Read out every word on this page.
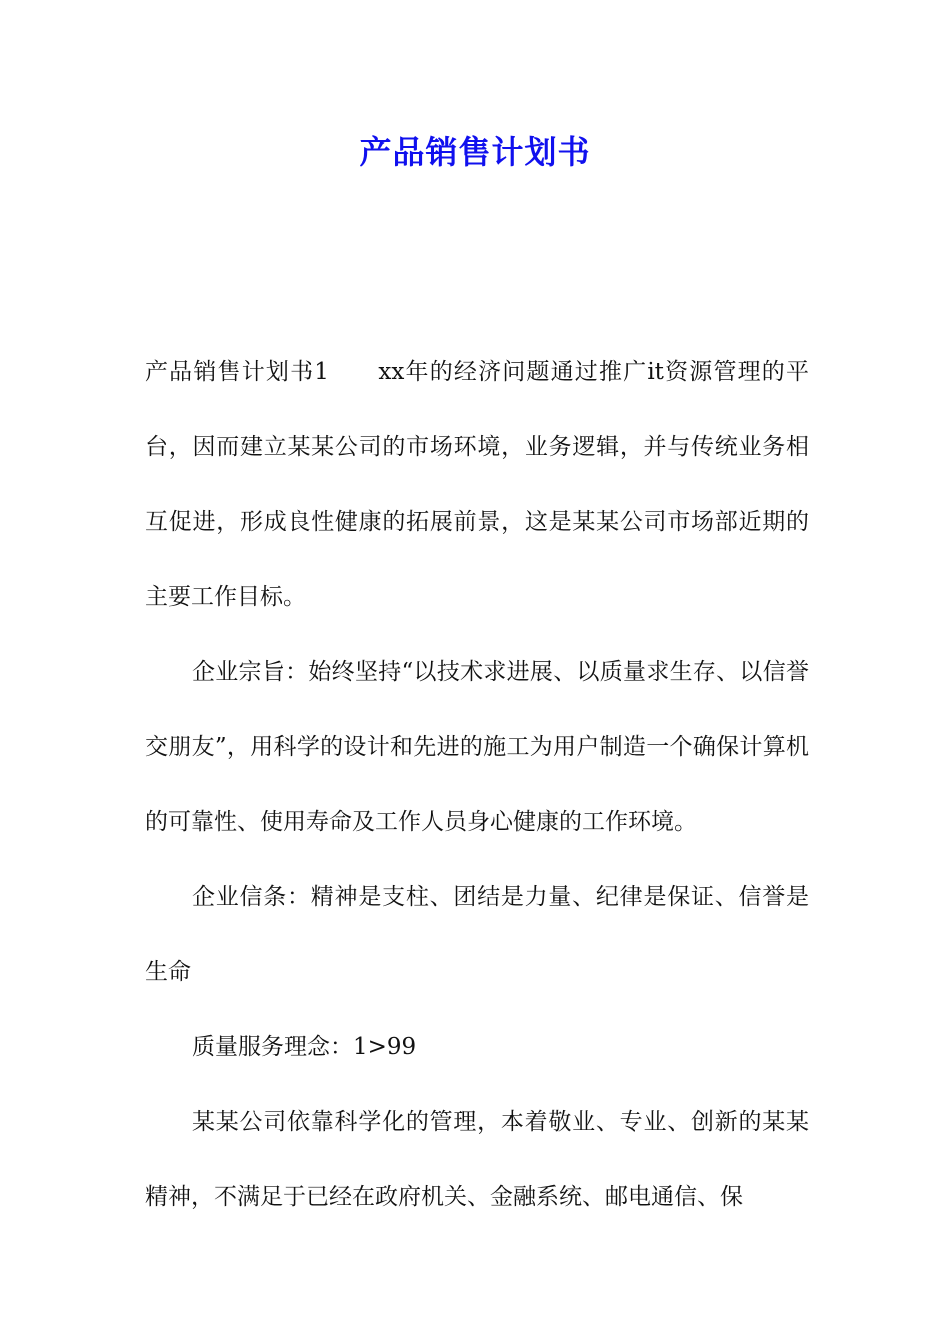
产品销售计划书

产品销售计划书1　　xx年的经济问题通过推广it资源管理的平台，因而建立某某公司的市场环境，业务逻辑，并与传统业务相互促进，形成良性健康的拓展前景，这是某某公司市场部近期的主要工作目标。

企业宗旨：始终坚持“以技术求进展、以质量求生存、以信誉交朋友”，用科学的设计和先进的施工为用户制造一个确保计算机的可靠性、使用寿命及工作人员身心健康的工作环境。

企业信条：精神是支柱、团结是力量、纪律是保证、信誉是生命

质量服务理念：1>99

某某公司依靠科学化的管理，本着敬业、专业、创新的某某精神，不满足于已经在政府机关、金融系统、邮电通信、保
